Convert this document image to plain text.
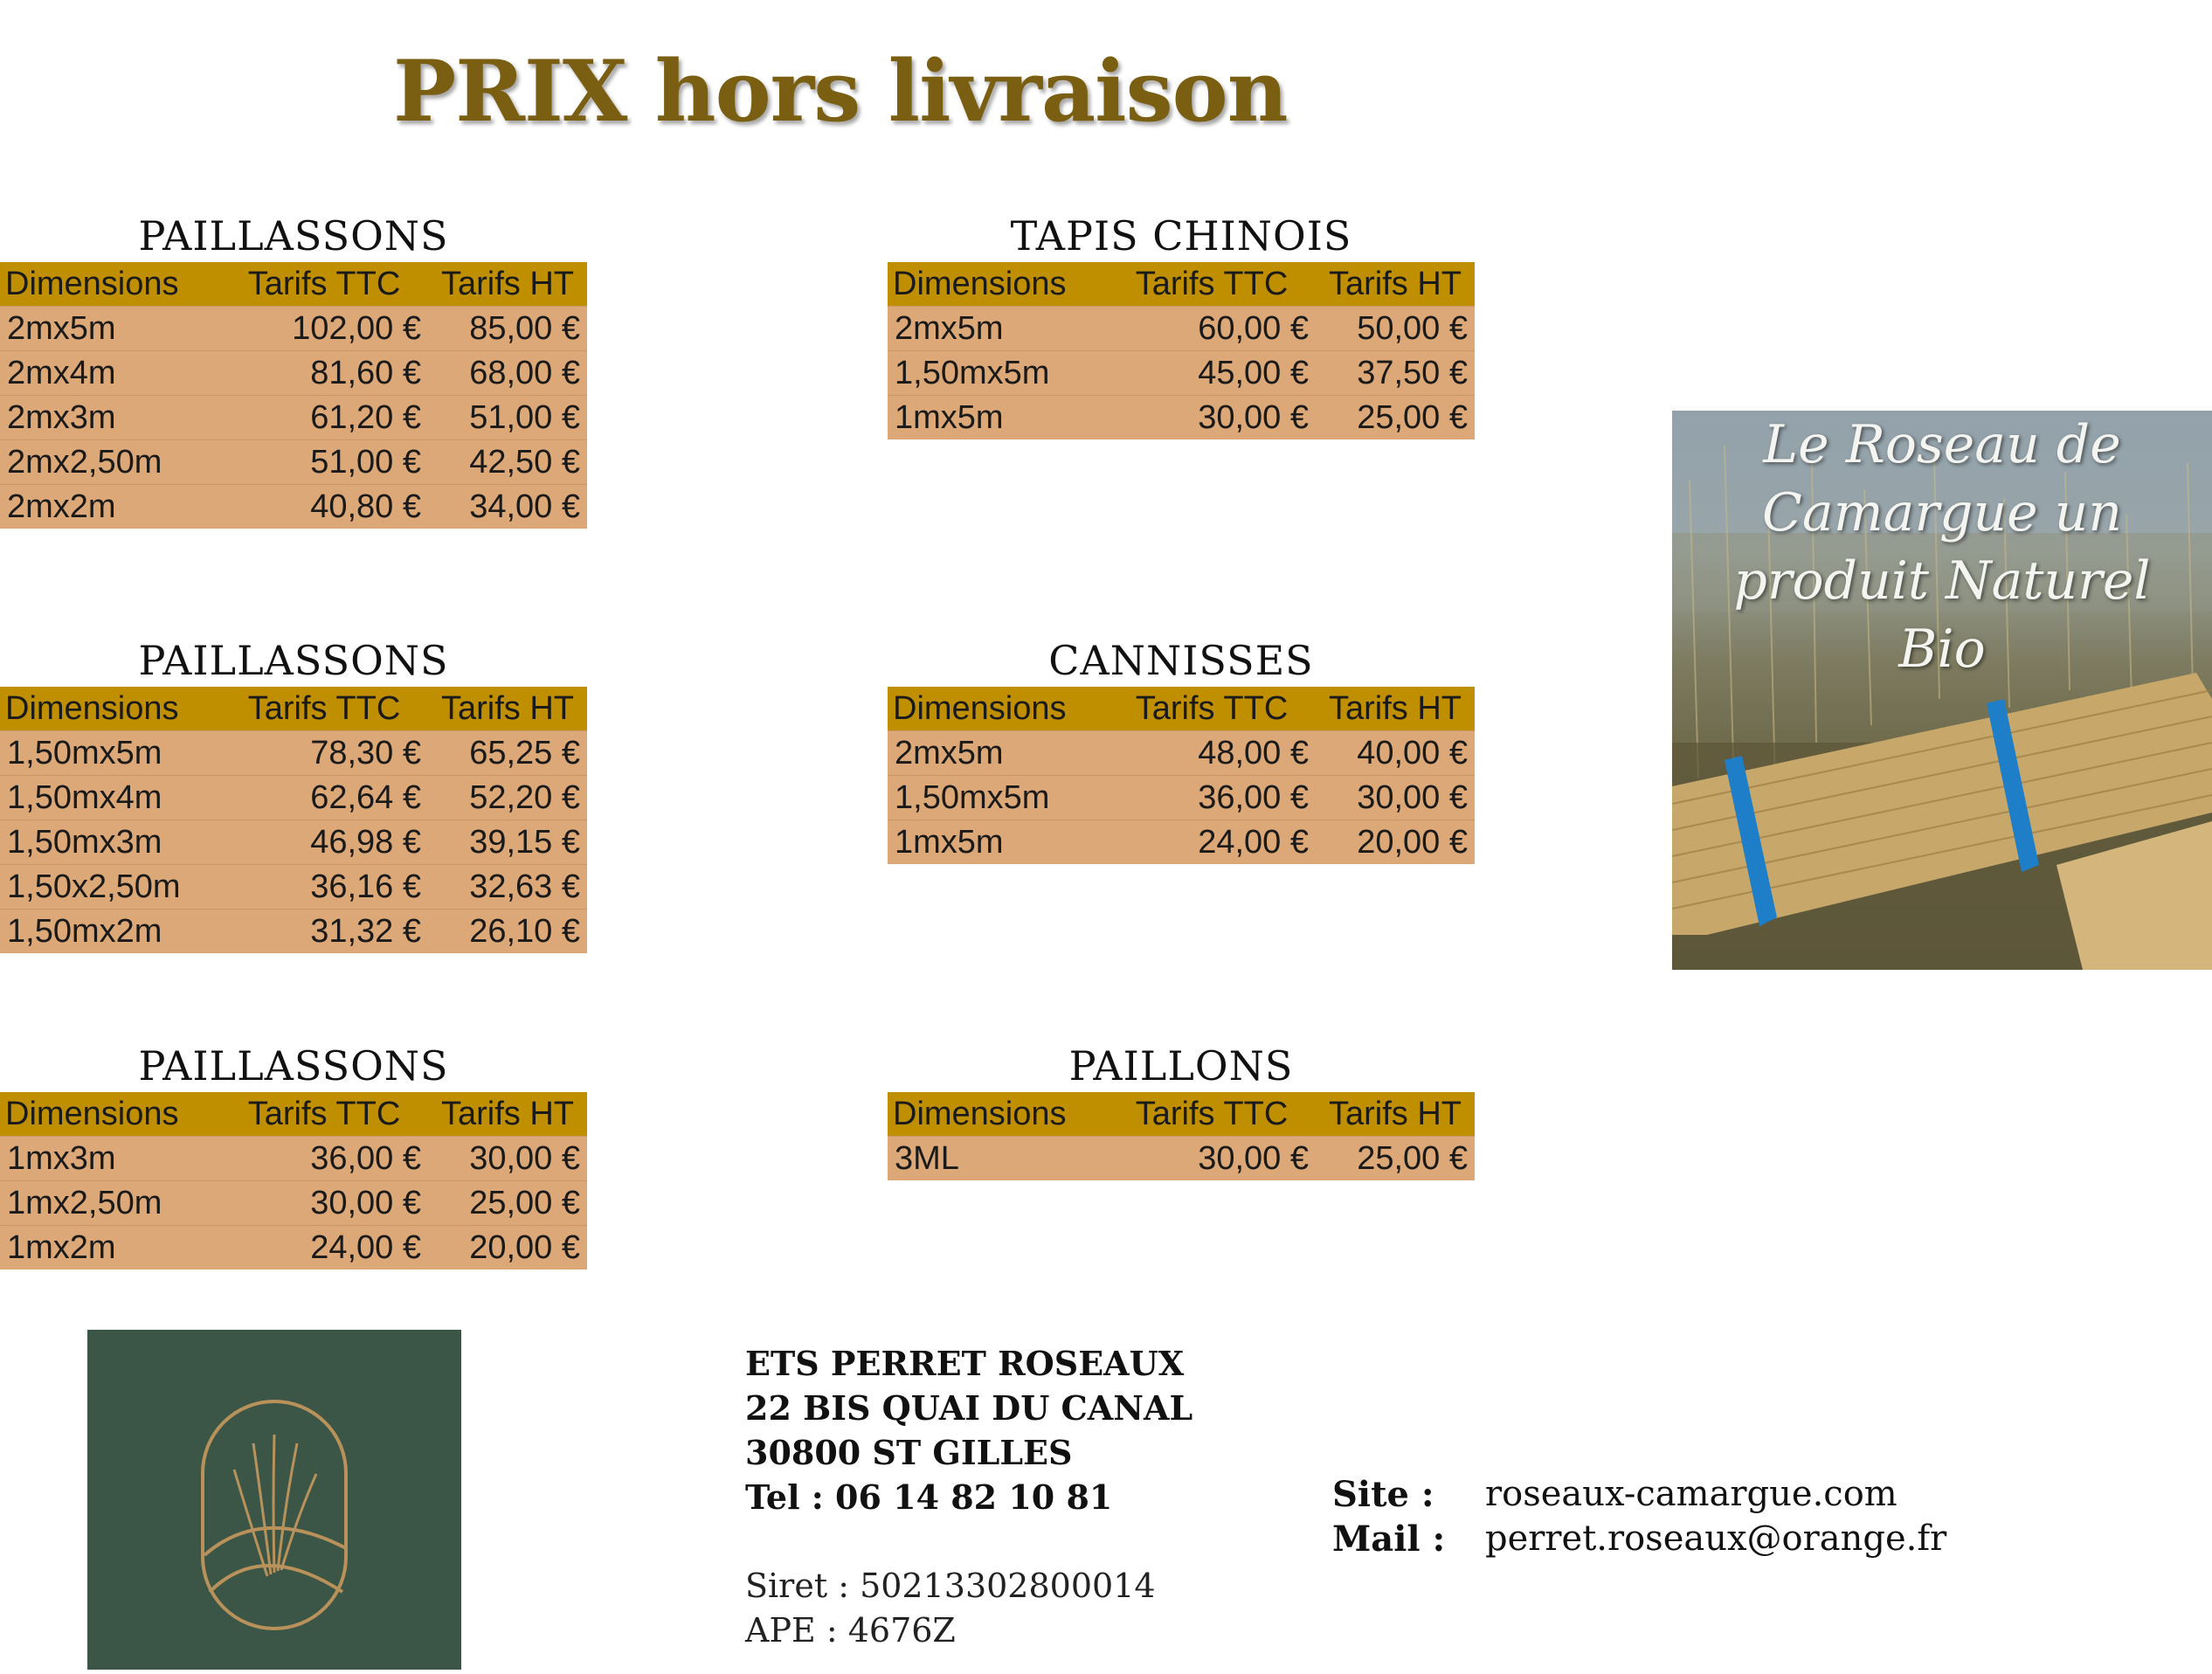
PRIX hors livraison
PAILLASSONS
Dimensions	Tarifs TTC	Tarifs HT
2mx5m	102,00 €	85,00 €
2mx4m	81,60 €	68,00 €
2mx3m	61,20 €	51,00 €
2mx2,50m	51,00 €	42,50 €
2mx2m	40,80 €	34,00 €
TAPIS CHINOIS
Dimensions	Tarifs TTC	Tarifs HT
2mx5m	60,00 €	50,00 €
1,50mx5m	45,00 €	37,50 €
1mx5m	30,00 €	25,00 €
PAILLASSONS
Dimensions	Tarifs TTC	Tarifs HT
1,50mx5m	78,30 €	65,25 €
1,50mx4m	62,64 €	52,20 €
1,50mx3m	46,98 €	39,15 €
1,50x2,50m	36,16 €	32,63 €
1,50mx2m	31,32 €	26,10 €
CANNISSES
Dimensions	Tarifs TTC	Tarifs HT
2mx5m	48,00 €	40,00 €
1,50mx5m	36,00 €	30,00 €
1mx5m	24,00 €	20,00 €
PAILLASSONS
Dimensions	Tarifs TTC	Tarifs HT
1mx3m	36,00 €	30,00 €
1mx2,50m	30,00 €	25,00 €
1mx2m	24,00 €	20,00 €
PAILLONS
Dimensions	Tarifs TTC	Tarifs HT
3ML	30,00 €	25,00 €
Le Roseau de
Camargue un
produit Naturel
Bio
ETS PERRET ROSEAUX
22 BIS QUAI DU CANAL
30800 ST GILLES
Tel : 06 14 82 10 81
Siret : 50213302800014
APE : 4676Z
Site :	roseaux-camargue.com
Mail :	perret.roseaux@orange.fr
